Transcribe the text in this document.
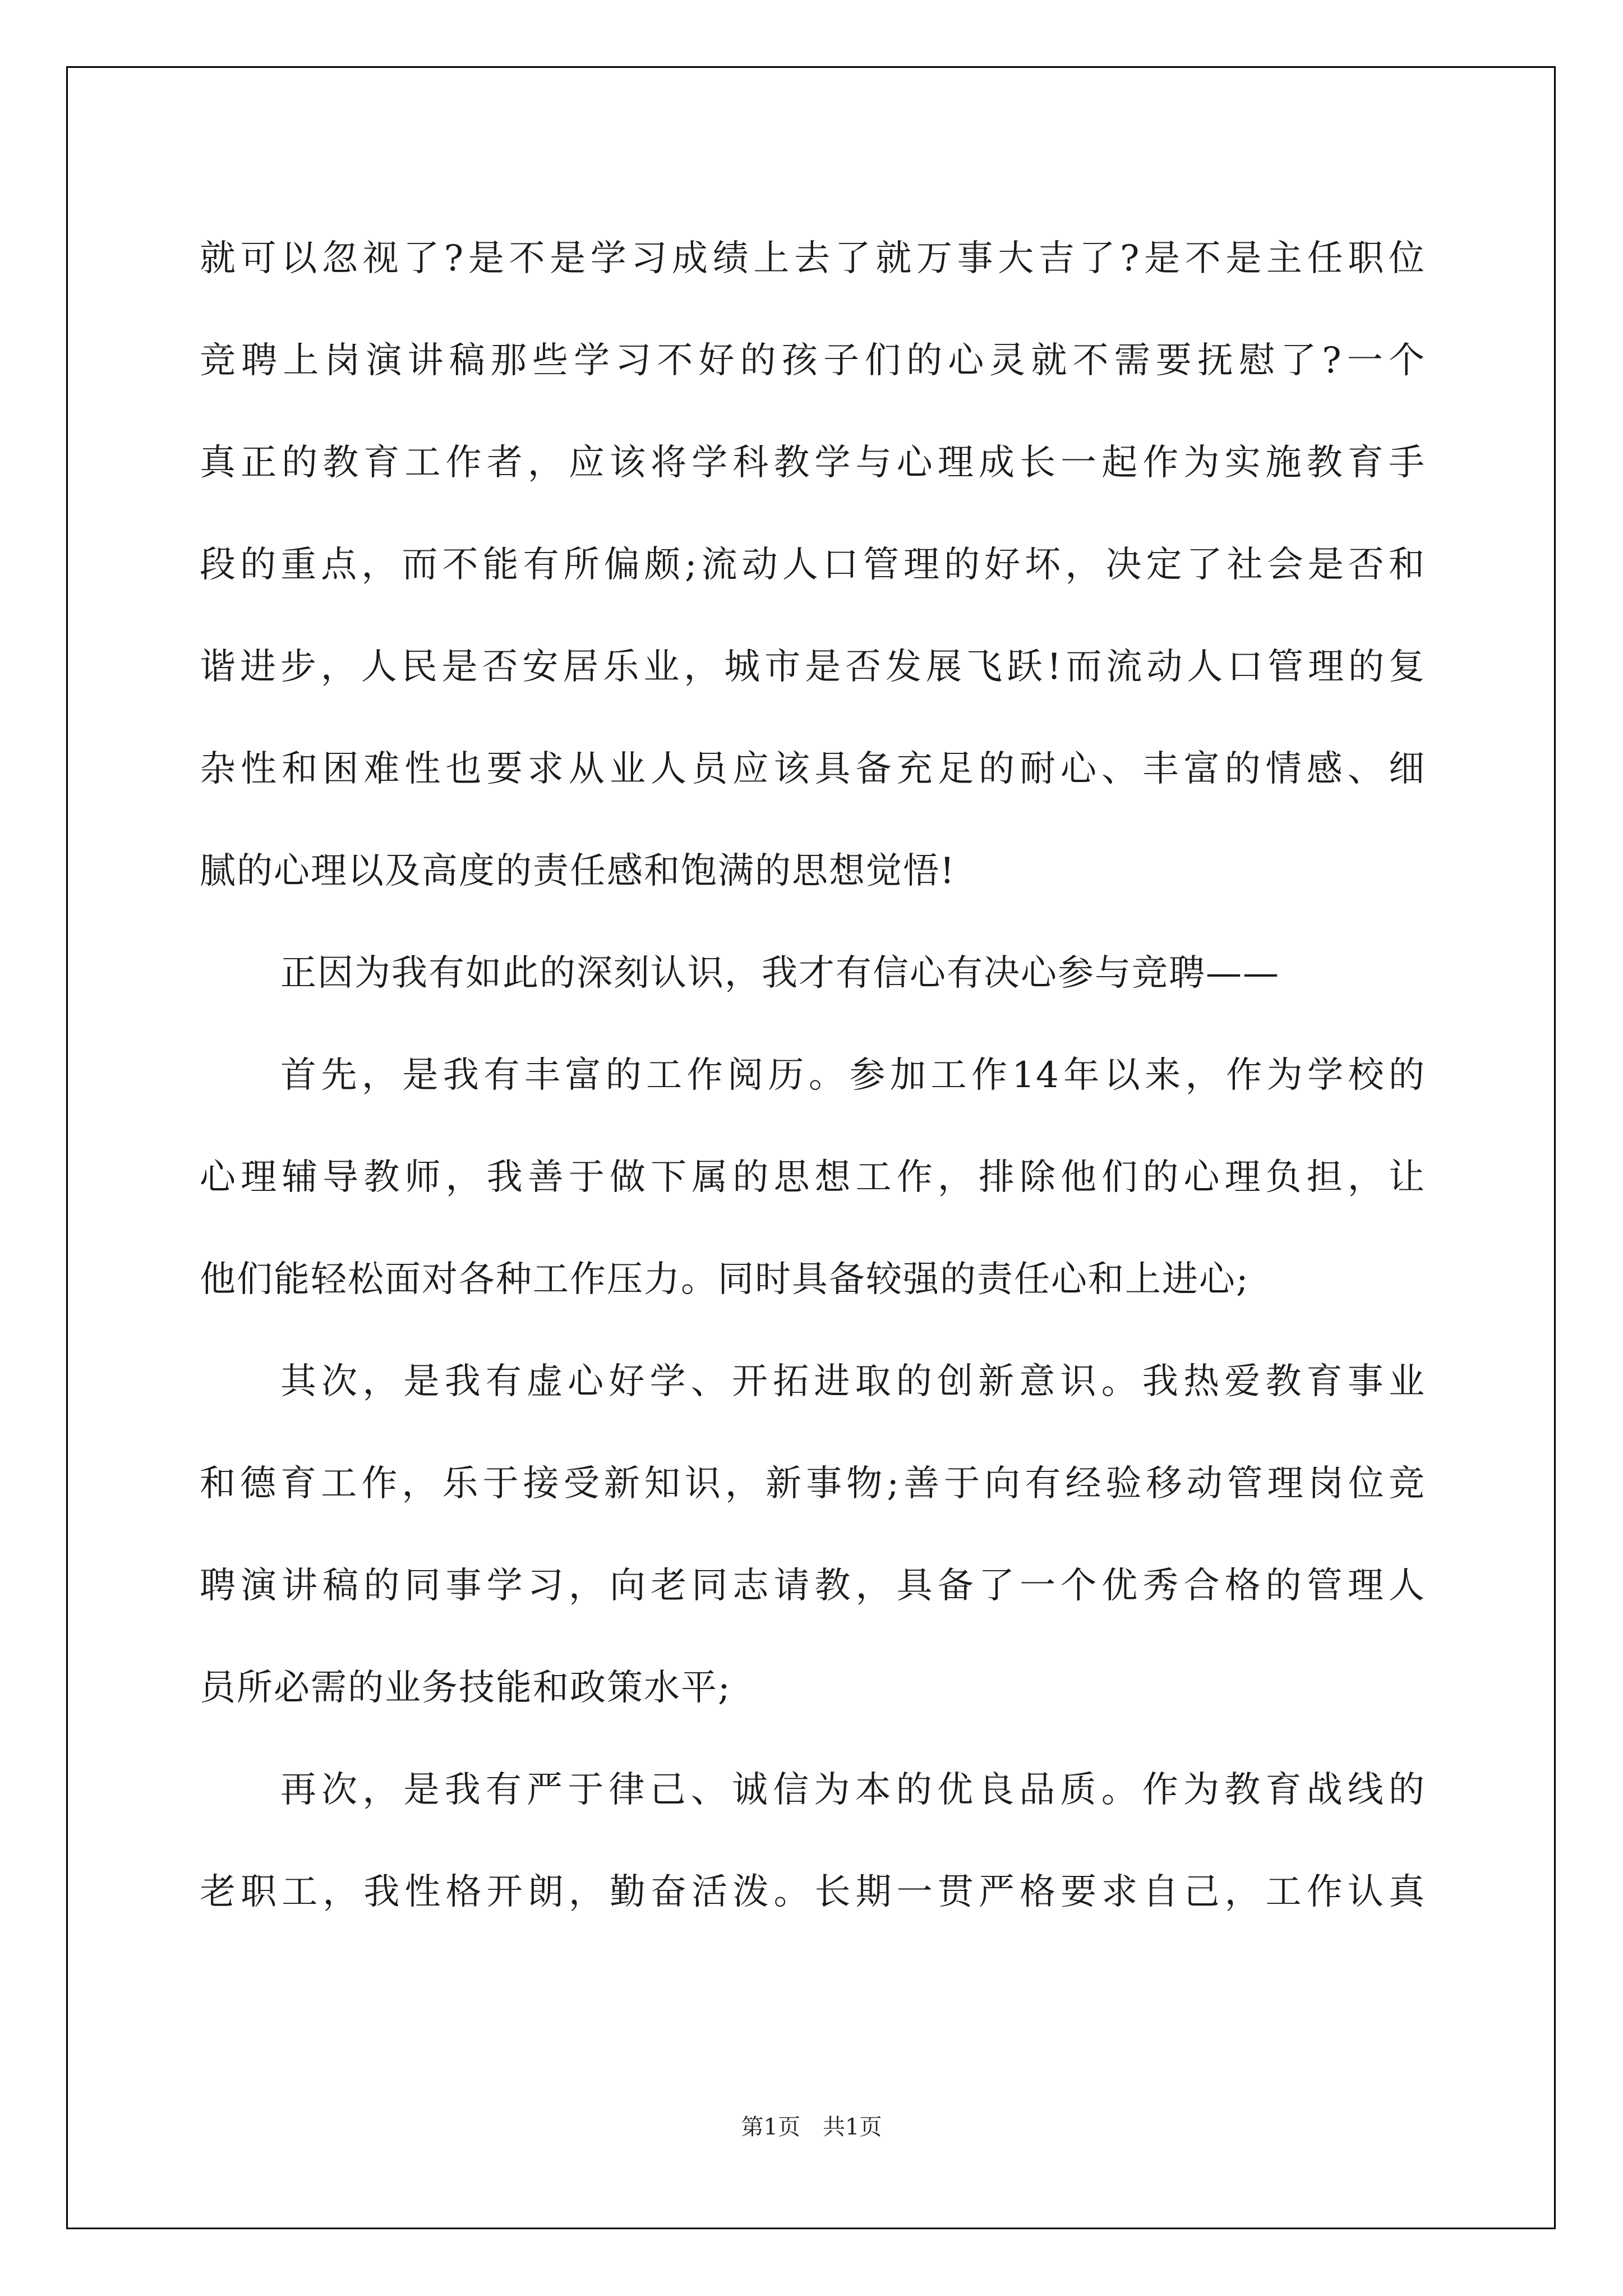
就可以忽视了?是不是学习成绩上去了就万事大吉了?是不是主任职位
竞聘上岗演讲稿那些学习不好的孩子们的心灵就不需要抚慰了?一个
真正的教育工作者，应该将学科教学与心理成长一起作为实施教育手
段的重点，而不能有所偏颇;流动人口管理的好坏，决定了社会是否和
谐进步，人民是否安居乐业，城市是否发展飞跃!而流动人口管理的复
杂性和困难性也要求从业人员应该具备充足的耐心、丰富的情感、细
腻的心理以及高度的责任感和饱满的思想觉悟!
正因为我有如此的深刻认识，我才有信心有决心参与竞聘——
首先，是我有丰富的工作阅历。参加工作14年以来，作为学校的
心理辅导教师，我善于做下属的思想工作，排除他们的心理负担，让
他们能轻松面对各种工作压力。同时具备较强的责任心和上进心;
其次，是我有虚心好学、开拓进取的创新意识。我热爱教育事业
和德育工作，乐于接受新知识，新事物;善于向有经验移动管理岗位竞
聘演讲稿的同事学习，向老同志请教，具备了一个优秀合格的管理人
员所必需的业务技能和政策水平;
再次，是我有严于律己、诚信为本的优良品质。作为教育战线的
老职工，我性格开朗，勤奋活泼。长期一贯严格要求自己，工作认真
第1页　共1页
